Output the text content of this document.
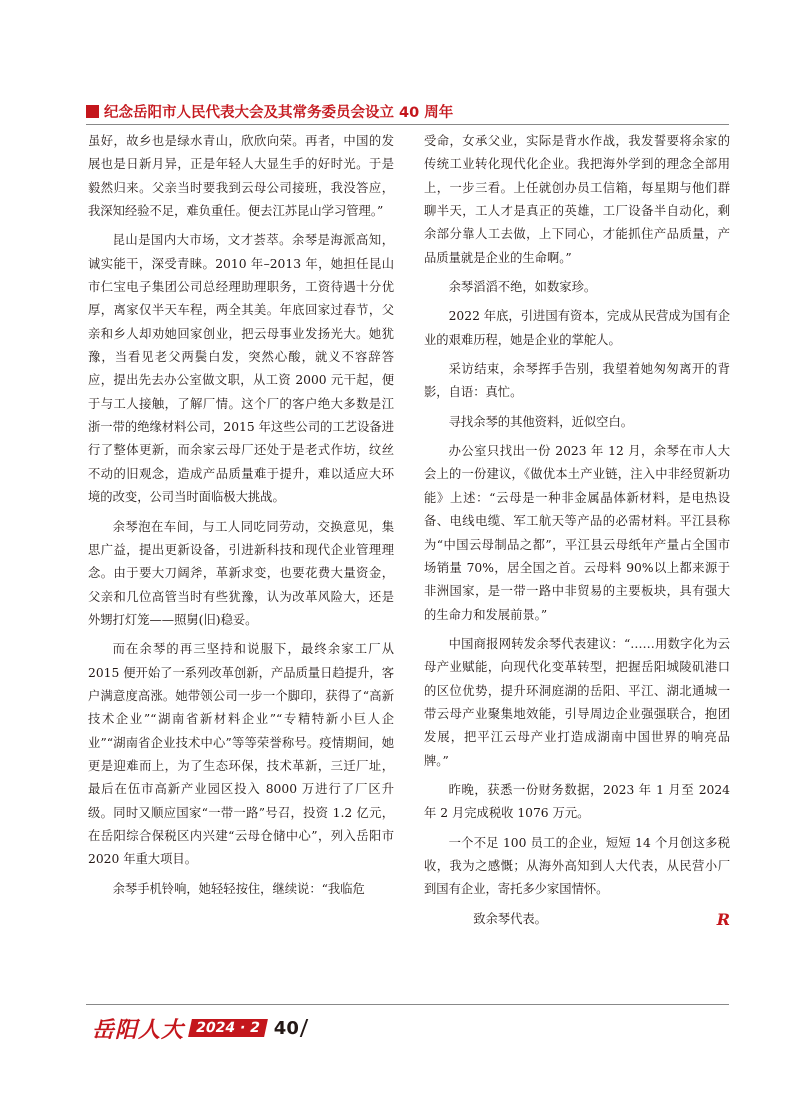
纪念岳阳市人民代表大会及其常务委员会设立 40 周年

虽好，故乡也是绿水青山，欣欣向荣。再者，中国的发展也是日新月异，正是年轻人大显生手的好时光。于是毅然归来。父亲当时要我到云母公司接班，我没答应，我深知经验不足，难负重任。便去江苏昆山学习管理。”

昆山是国内大市场，文才荟萃。余琴是海派高知，诚实能干，深受青睐。2010 年–2013 年，她担任昆山市仁宝电子集团公司总经理助理职务，工资待遇十分优厚，离家仅半天车程，两全其美。年底回家过春节，父亲和乡人却劝她回家创业，把云母事业发扬光大。她犹豫，当看见老父两鬓白发，突然心酸，就义不容辞答应，提出先去办公室做文职，从工资 2000 元干起，便于与工人接触，了解厂情。这个厂的客户绝大多数是江浙一带的绝缘材料公司，2015 年这些公司的工艺设备进行了整体更新，而余家云母厂还处于是老式作坊，纹丝不动的旧观念，造成产品质量难于提升，难以适应大环境的改变，公司当时面临极大挑战。

余琴泡在车间，与工人同吃同劳动，交换意见，集思广益，提出更新设备，引进新科技和现代企业管理理念。由于要大刀阔斧，革新求变，也要花费大量资金，父亲和几位高管当时有些犹豫，认为改革风险大，还是外甥打灯笼——照舅(旧)稳妥。

而在余琴的再三坚持和说服下，最终余家工厂从 2015 便开始了一系列改革创新，产品质量日趋提升，客户满意度高涨。她带领公司一步一个脚印，获得了“高新技术企业”“湖南省新材料企业”“专精特新小巨人企业”“湖南省企业技术中心”等等荣誉称号。疫情期间，她更是迎难而上，为了生态环保，技术革新，三迁厂址，最后在伍市高新产业园区投入 8000 万进行了厂区升级。同时又顺应国家“一带一路”号召，投资 1.2 亿元，在岳阳综合保税区内兴建“云母仓储中心”，列入岳阳市 2020 年重大项目。

余琴手机铃响，她轻轻按住，继续说：“我临危

受命，女承父业，实际是背水作战，我发誓要将余家的传统工业转化现代化企业。我把海外学到的理念全部用上，一步三看。上任就创办员工信箱，每星期与他们群聊半天，工人才是真正的英雄，工厂设备半自动化，剩余部分靠人工去做，上下同心，才能抓住产品质量，产品质量就是企业的生命啊。”

余琴滔滔不绝，如数家珍。

2022 年底，引进国有资本，完成从民营成为国有企业的艰难历程，她是企业的掌舵人。

采访结束，余琴挥手告别，我望着她匆匆离开的背影，自语：真忙。

寻找余琴的其他资料，近似空白。

办公室只找出一份 2023 年 12 月，余琴在市人大会上的一份建议，《做优本土产业链，注入中非经贸新功能》上述：“云母是一种非金属晶体新材料，是电热设备、电线电缆、军工航天等产品的必需材料。平江县称为“中国云母制品之都”，平江县云母纸年产量占全国市场销量 70%，居全国之首。云母料 90%以上都来源于非洲国家，是一带一路中非贸易的主要板块，具有强大的生命力和发展前景。”

中国商报网转发余琴代表建议：“……用数字化为云母产业赋能，向现代化变革转型，把握岳阳城陵矶港口的区位优势，提升环洞庭湖的岳阳、平江、湖北通城一带云母产业聚集地效能，引导周边企业强强联合，抱团发展，把平江云母产业打造成湖南中国世界的响亮品牌。”

昨晚，获悉一份财务数据，2023 年 1 月至 2024 年 2 月完成税收 1076 万元。

一个不足 100 员工的企业，短短 14 个月创这多税收，我为之感慨；从海外高知到人大代表，从民营小厂到国有企业，寄托多少家国情怀。

致余琴代表。	R

岳阳人大 2024 · 2 40
